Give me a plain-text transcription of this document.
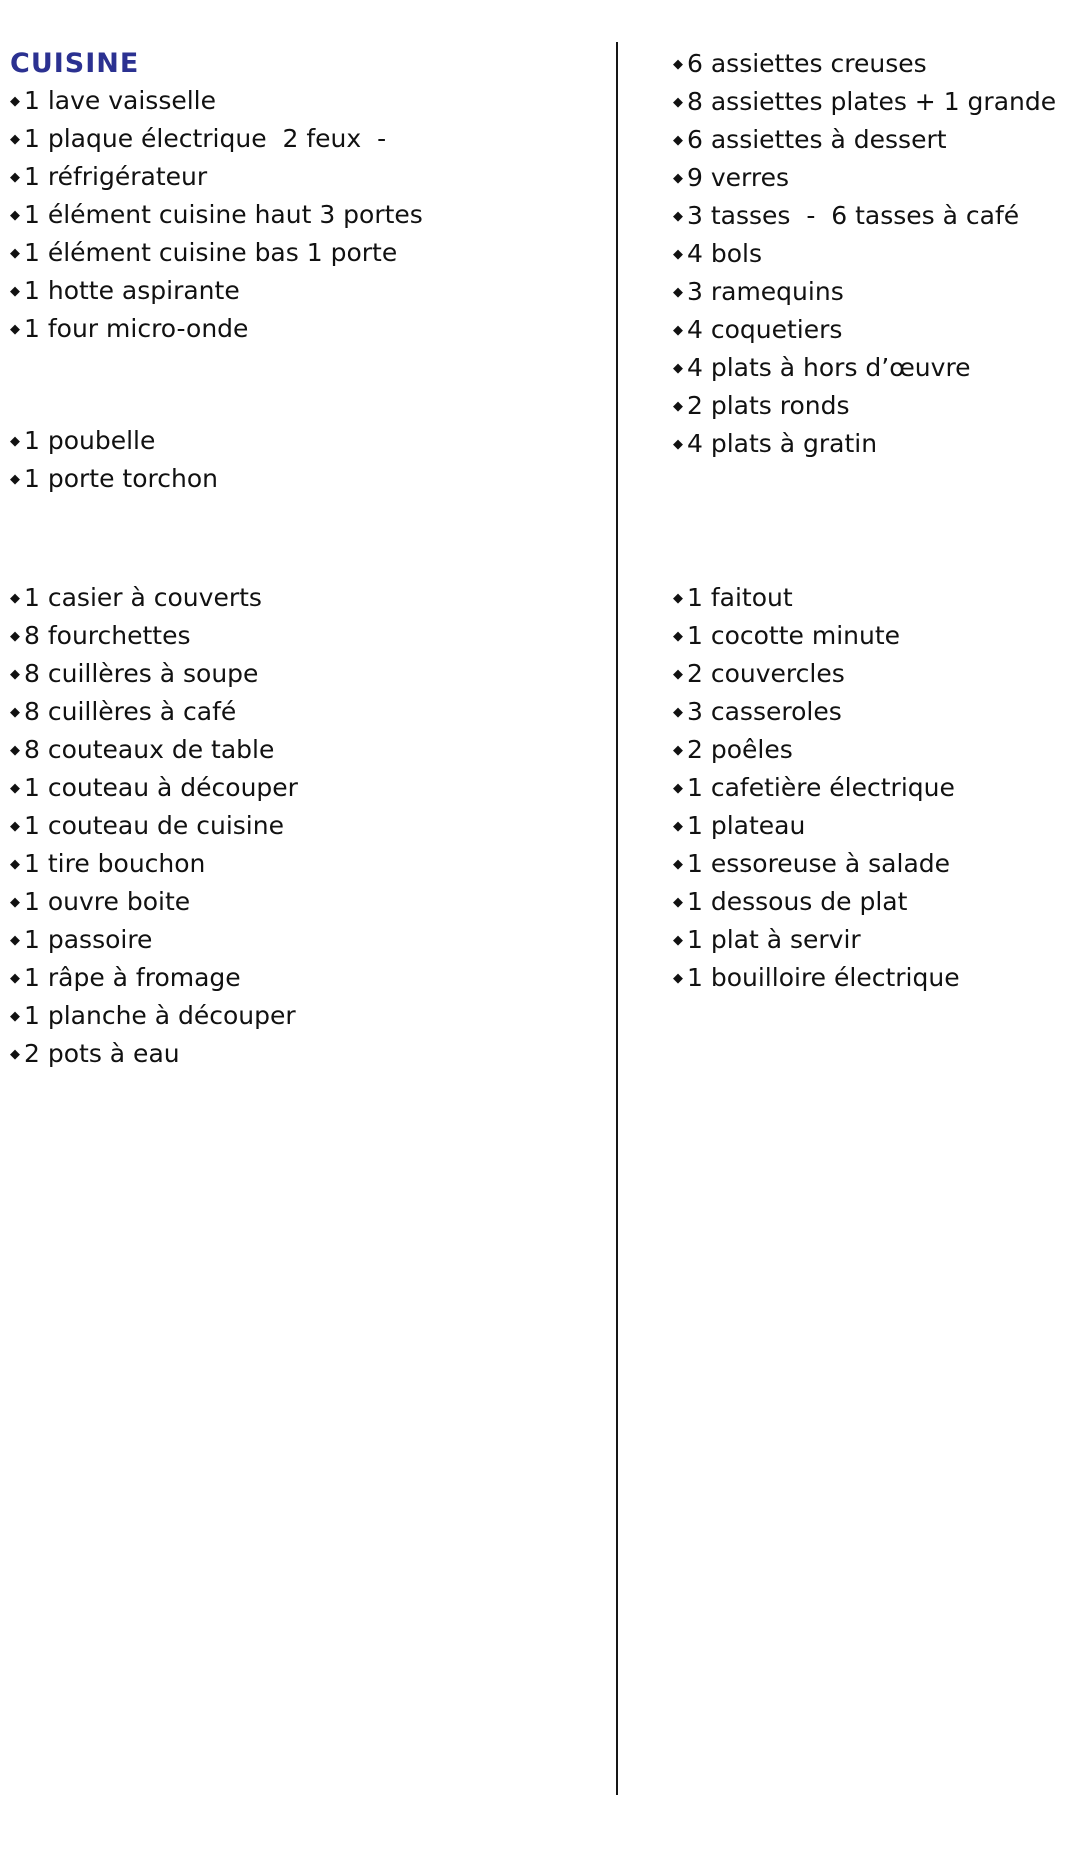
CUISINE
◆ 1 lave vaisselle
◆ 1 plaque électrique  2 feux  -
◆ 1 réfrigérateur
◆ 1 élément cuisine haut 3 portes
◆ 1 élément cuisine bas 1 porte
◆ 1 hotte aspirante
◆ 1 four micro-onde
◆ 1 poubelle
◆ 1 porte torchon
◆ 1 casier à couverts
◆ 8 fourchettes
◆ 8 cuillères à soupe
◆ 8 cuillères à café
◆ 8 couteaux de table
◆ 1 couteau à découper
◆ 1 couteau de cuisine
◆ 1 tire bouchon
◆ 1 ouvre boite
◆ 1 passoire
◆ 1 râpe à fromage
◆ 1 planche à découper
◆ 2 pots à eau
◆ 6 assiettes creuses
◆ 8 assiettes plates + 1 grande
◆ 6 assiettes à dessert
◆ 9 verres
◆ 3 tasses  -  6 tasses à café
◆ 4 bols
◆ 3 ramequins
◆ 4 coquetiers
◆ 4 plats à hors d’œuvre
◆ 2 plats ronds
◆ 4 plats à gratin
◆ 1 faitout
◆ 1 cocotte minute
◆ 2 couvercles
◆ 3 casseroles
◆ 2 poêles
◆ 1 cafetière électrique
◆ 1 plateau
◆ 1 essoreuse à salade
◆ 1 dessous de plat
◆ 1 plat à servir
◆ 1 bouilloire électrique
